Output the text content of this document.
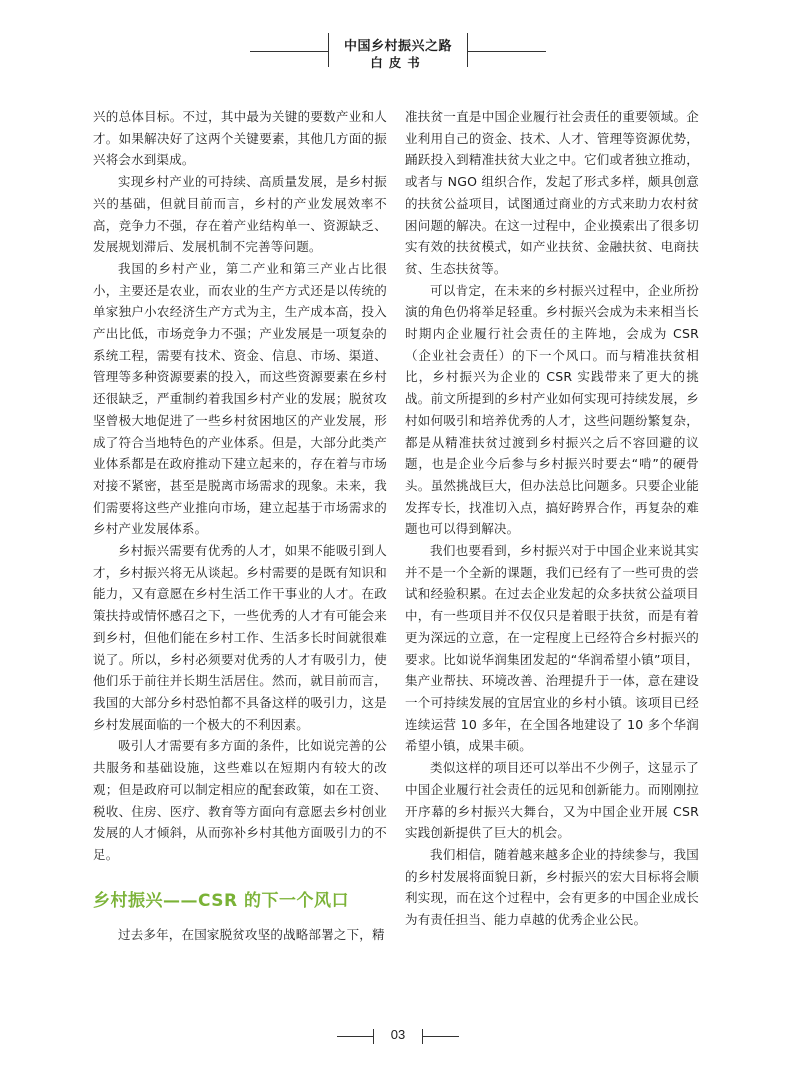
中国乡村振兴之路
白皮书

兴的总体目标。不过，其中最为关键的要数产业和人才。如果解决好了这两个关键要素，其他几方面的振兴将会水到渠成。

实现乡村产业的可持续、高质量发展，是乡村振兴的基础，但就目前而言，乡村的产业发展效率不高，竞争力不强，存在着产业结构单一、资源缺乏、发展规划滞后、发展机制不完善等问题。

我国的乡村产业，第二产业和第三产业占比很小，主要还是农业，而农业的生产方式还是以传统的单家独户小农经济生产方式为主，生产成本高，投入产出比低，市场竞争力不强；产业发展是一项复杂的系统工程，需要有技术、资金、信息、市场、渠道、管理等多种资源要素的投入，而这些资源要素在乡村还很缺乏，严重制约着我国乡村产业的发展；脱贫攻坚曾极大地促进了一些乡村贫困地区的产业发展，形成了符合当地特色的产业体系。但是，大部分此类产业体系都是在政府推动下建立起来的，存在着与市场对接不紧密，甚至是脱离市场需求的现象。未来，我们需要将这些产业推向市场，建立起基于市场需求的乡村产业发展体系。

乡村振兴需要有优秀的人才，如果不能吸引到人才，乡村振兴将无从谈起。乡村需要的是既有知识和能力，又有意愿在乡村生活工作干事业的人才。在政策扶持或情怀感召之下，一些优秀的人才有可能会来到乡村，但他们能在乡村工作、生活多长时间就很难说了。所以，乡村必须要对优秀的人才有吸引力，使他们乐于前往并长期生活居住。然而，就目前而言，我国的大部分乡村恐怕都不具备这样的吸引力，这是乡村发展面临的一个极大的不利因素。

吸引人才需要有多方面的条件，比如说完善的公共服务和基础设施，这些难以在短期内有较大的改观；但是政府可以制定相应的配套政策，如在工资、税收、住房、医疗、教育等方面向有意愿去乡村创业发展的人才倾斜，从而弥补乡村其他方面吸引力的不足。

乡村振兴——CSR 的下一个风口

过去多年，在国家脱贫攻坚的战略部署之下，精

准扶贫一直是中国企业履行社会责任的重要领域。企业利用自己的资金、技术、人才、管理等资源优势，踊跃投入到精准扶贫大业之中。它们或者独立推动，或者与 NGO 组织合作，发起了形式多样，颇具创意的扶贫公益项目，试图通过商业的方式来助力农村贫困问题的解决。在这一过程中，企业摸索出了很多切实有效的扶贫模式，如产业扶贫、金融扶贫、电商扶贫、生态扶贫等。

可以肯定，在未来的乡村振兴过程中，企业所扮演的角色仍将举足轻重。乡村振兴会成为未来相当长时期内企业履行社会责任的主阵地，会成为 CSR（企业社会责任）的下一个风口。而与精准扶贫相比，乡村振兴为企业的 CSR 实践带来了更大的挑战。前文所提到的乡村产业如何实现可持续发展，乡村如何吸引和培养优秀的人才，这些问题纷繁复杂，都是从精准扶贫过渡到乡村振兴之后不容回避的议题，也是企业今后参与乡村振兴时要去“啃”的硬骨头。虽然挑战巨大，但办法总比问题多。只要企业能发挥专长，找准切入点，搞好跨界合作，再复杂的难题也可以得到解决。

我们也要看到，乡村振兴对于中国企业来说其实并不是一个全新的课题，我们已经有了一些可贵的尝试和经验积累。在过去企业发起的众多扶贫公益项目中，有一些项目并不仅仅只是着眼于扶贫，而是有着更为深远的立意，在一定程度上已经符合乡村振兴的要求。比如说华润集团发起的“华润希望小镇”项目，集产业帮扶、环境改善、治理提升于一体，意在建设一个可持续发展的宜居宜业的乡村小镇。该项目已经连续运营 10 多年，在全国各地建设了 10 多个华润希望小镇，成果丰硕。

类似这样的项目还可以举出不少例子，这显示了中国企业履行社会责任的远见和创新能力。而刚刚拉开序幕的乡村振兴大舞台，又为中国企业开展 CSR 实践创新提供了巨大的机会。

我们相信，随着越来越多企业的持续参与，我国的乡村发展将面貌日新，乡村振兴的宏大目标将会顺利实现，而在这个过程中，会有更多的中国企业成长为有责任担当、能力卓越的优秀企业公民。

03
